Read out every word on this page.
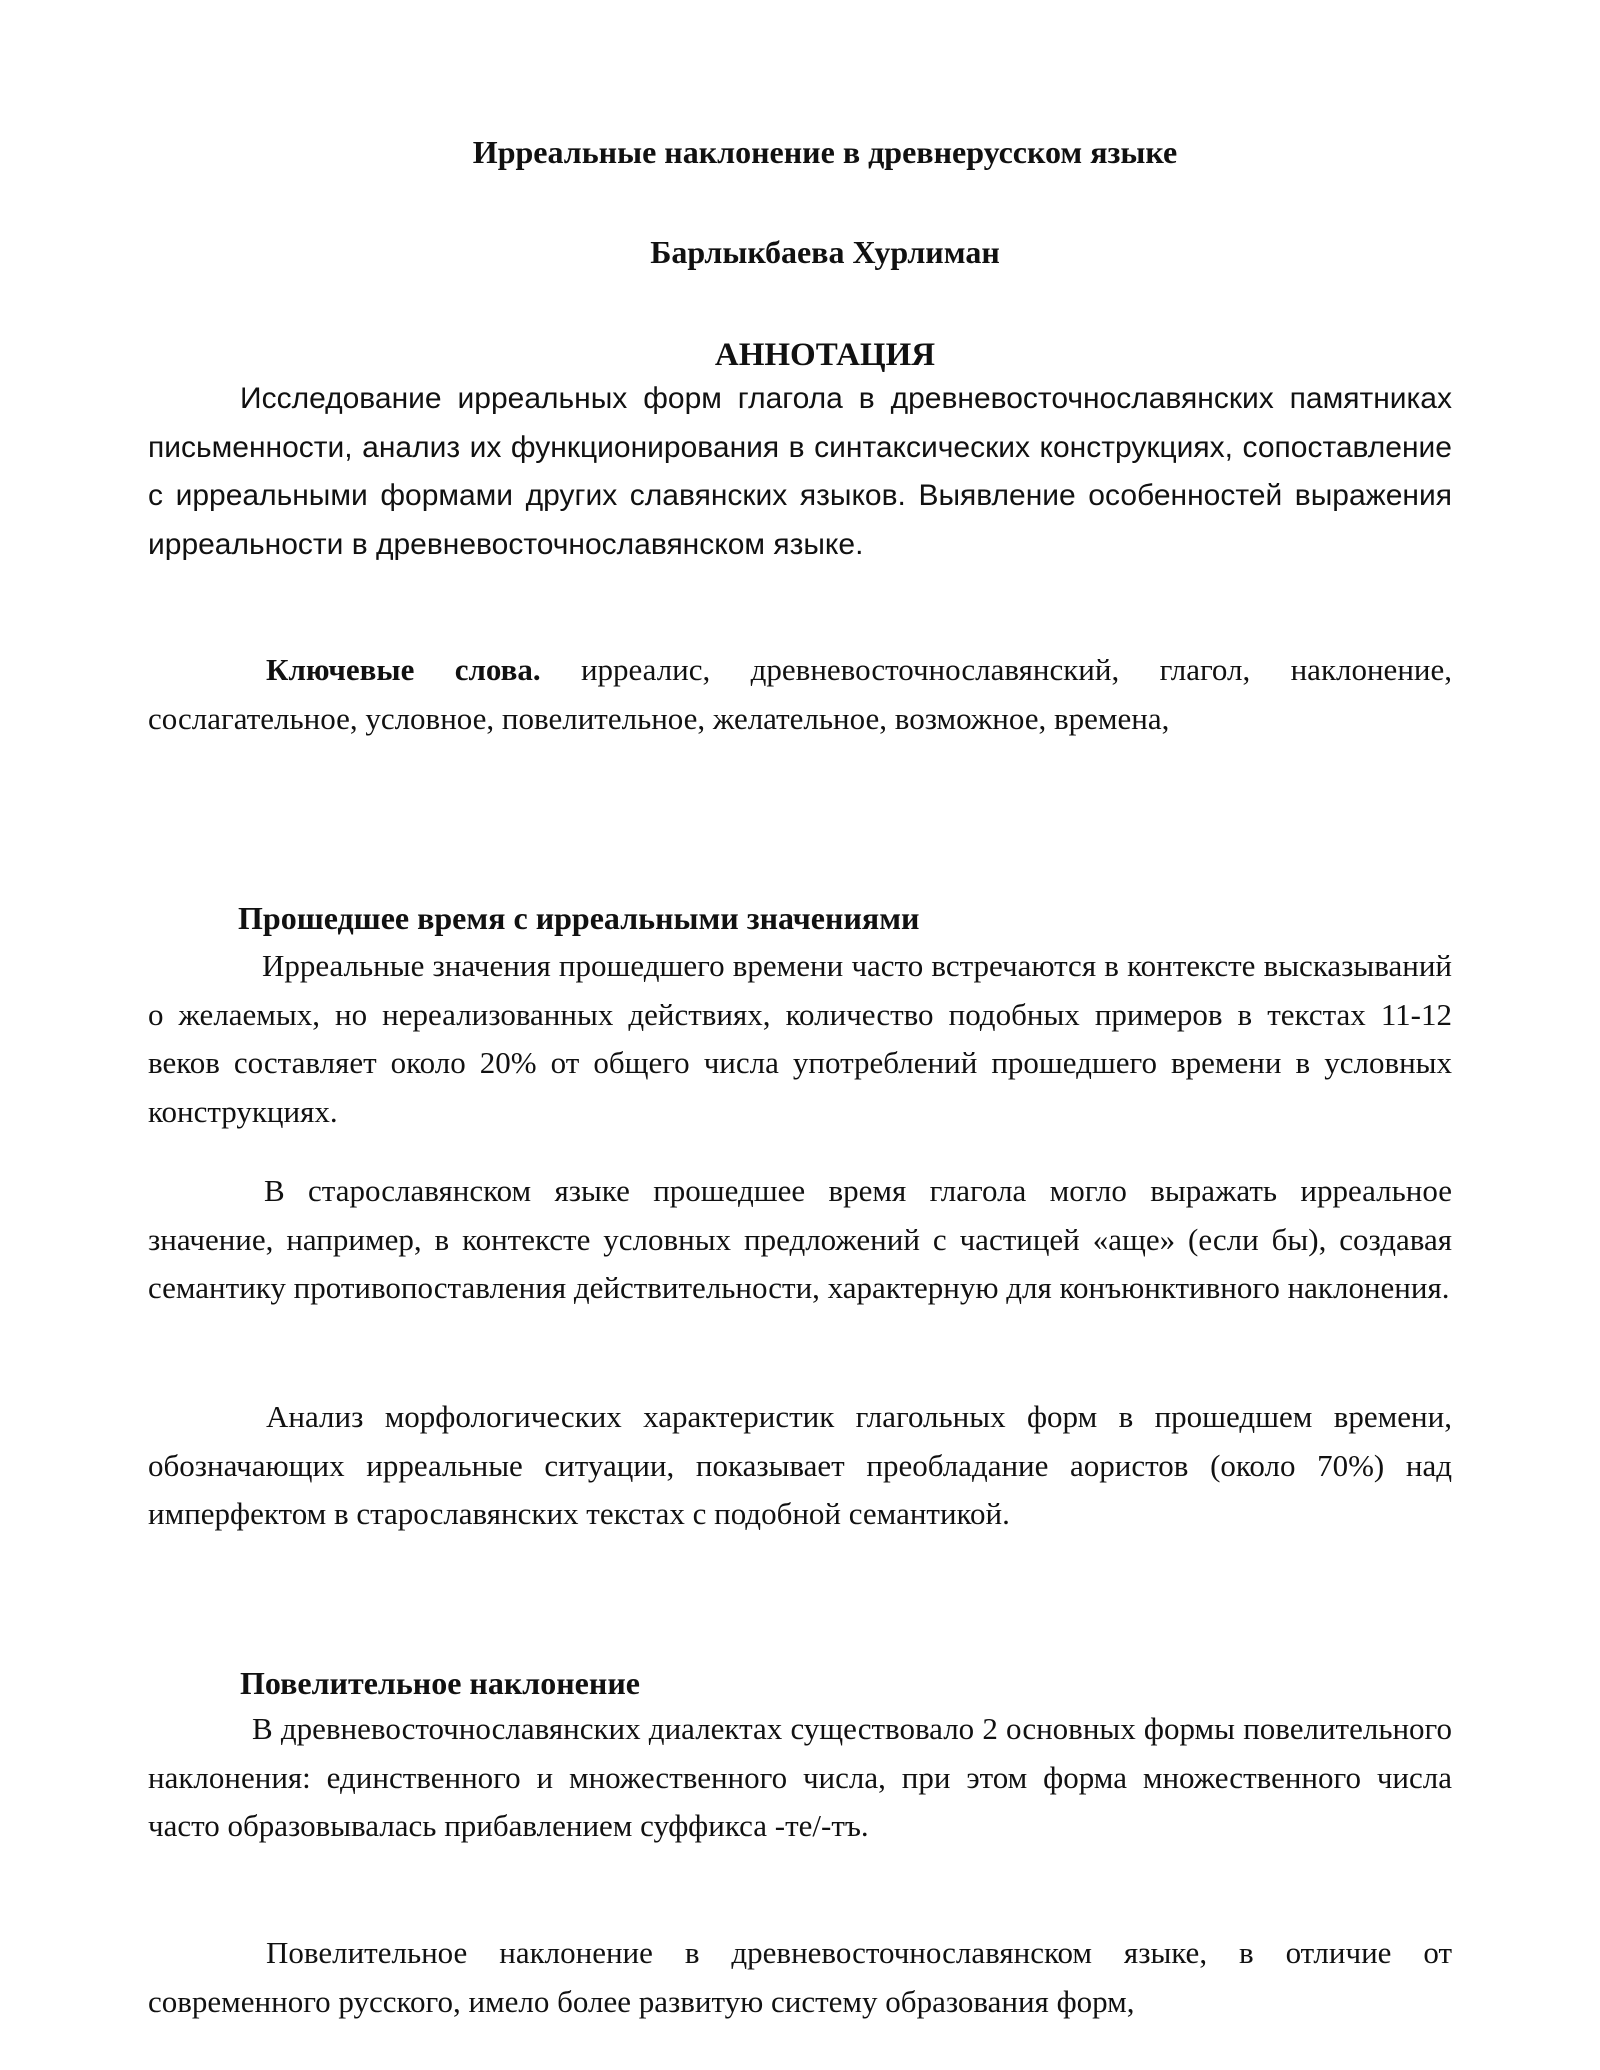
Ирреальные наклонение в древнерусском языке
Барлыкбаева Хурлиман
АННОТАЦИЯ

Исследование ирреальных форм глагола в древневосточнославянских памятниках письменности, анализ их функционирования в синтаксических конструкциях, сопоставление с ирреальными формами других славянских языков. Выявление особенностей выражения ирреальности в древневосточнославянском языке.

Ключевые слова. ирреалис, древневосточнославянский, глагол, наклонение, сослагательное, условное, повелительное, желательное, возможное, времена,

Прошедшее время с ирреальными значениями

Ирреальные значения прошедшего времени часто встречаются в контексте высказываний о желаемых, но нереализованных действиях, количество подобных примеров в текстах 11-12 веков составляет около 20% от общего числа употреблений прошедшего времени в условных конструкциях.

В старославянском языке прошедшее время глагола могло выражать ирреальное значение, например, в контексте условных предложений с частицей «аще» (если бы), создавая семантику противопоставления действительности, характерную для конъюнктивного наклонения.

Анализ морфологических характеристик глагольных форм в прошедшем времени, обозначающих ирреальные ситуации, показывает преобладание аористов (около 70%) над имперфектом в старославянских текстах с подобной семантикой.

Повелительное наклонение

В древневосточнославянских диалектах существовало 2 основных формы повелительного наклонения: единственного и множественного числа, при этом форма множественного числа часто образовывалась прибавлением суффикса -те/-тъ.

Повелительное наклонение в древневосточнославянском языке, в отличие от современного русского, имело более развитую систему образования форм,
